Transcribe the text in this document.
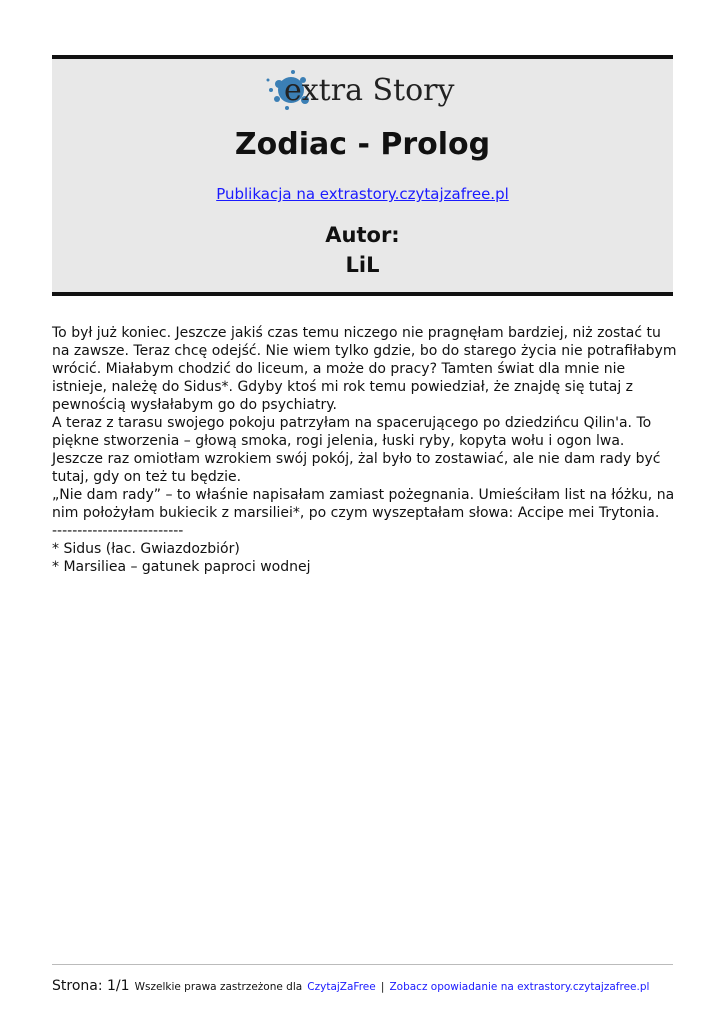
extra Story
Zodiac - Prolog
Publikacja na extrastory.czytajzafree.pl
Autor:
LiL

To był już koniec. Jeszcze jakiś czas temu niczego nie pragnęłam bardziej, niż zostać tu na zawsze. Teraz chcę odejść. Nie wiem tylko gdzie, bo do starego życia nie potrafiłabym wrócić. Miałabym chodzić do liceum, a może do pracy? Tamten świat dla mnie nie istnieje, należę do Sidus*. Gdyby ktoś mi rok temu powiedział, że znajdę się tutaj z pewnością wysłałabym go do psychiatry.

A teraz z tarasu swojego pokoju patrzyłam na spacerującego po dziedzińcu Qilin'a. To piękne stworzenia – głową smoka, rogi jelenia, łuski ryby, kopyta wołu i ogon lwa.

Jeszcze raz omiotłam wzrokiem swój pokój, żal było to zostawiać, ale nie dam rady być tutaj, gdy on też tu będzie.

„Nie dam rady” – to właśnie napisałam zamiast pożegnania. Umieściłam list na łóżku, na nim położyłam bukiecik z marsiliei*, po czym wyszeptałam słowa: Accipe mei Trytonia.

--------------------------

* Sidus (łac. Gwiazdozbiór)

* Marsiliea – gatunek paproci wodnej

Strona: 1/1 Wszelkie prawa zastrzeżone dla CzytajZaFree | Zobacz opowiadanie na extrastory.czytajzafree.pl
